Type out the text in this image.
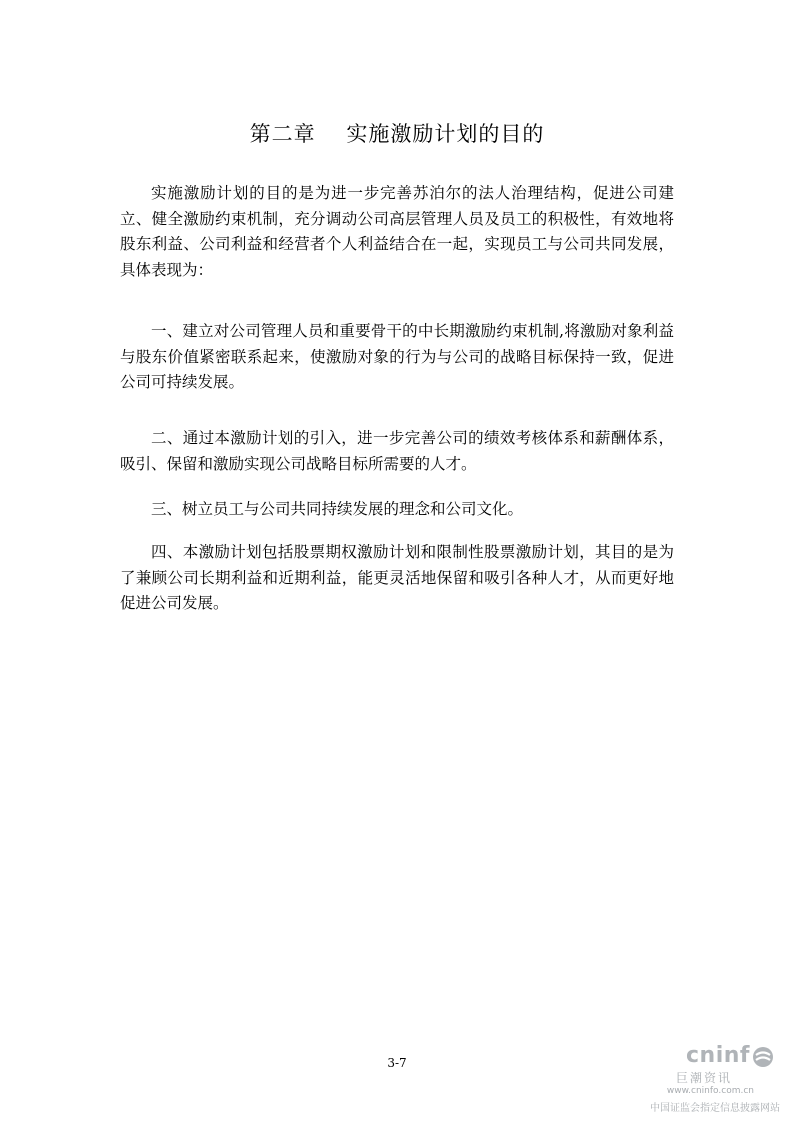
第二章    实施激励计划的目的

实施激励计划的目的是为进一步完善苏泊尔的法人治理结构，促进公司建立、健全激励约束机制，充分调动公司高层管理人员及员工的积极性，有效地将股东利益、公司利益和经营者个人利益结合在一起，实现员工与公司共同发展，具体表现为：

一、建立对公司管理人员和重要骨干的中长期激励约束机制,将激励对象利益与股东价值紧密联系起来，使激励对象的行为与公司的战略目标保持一致，促进公司可持续发展。

二、通过本激励计划的引入，进一步完善公司的绩效考核体系和薪酬体系，吸引、保留和激励实现公司战略目标所需要的人才。

三、树立员工与公司共同持续发展的理念和公司文化。

四、本激励计划包括股票期权激励计划和限制性股票激励计划，其目的是为了兼顾公司长期利益和近期利益，能更灵活地保留和吸引各种人才，从而更好地促进公司发展。

3-7	cninf
巨潮资讯
www.cninfo.com.cn
中国证监会指定信息披露网站
